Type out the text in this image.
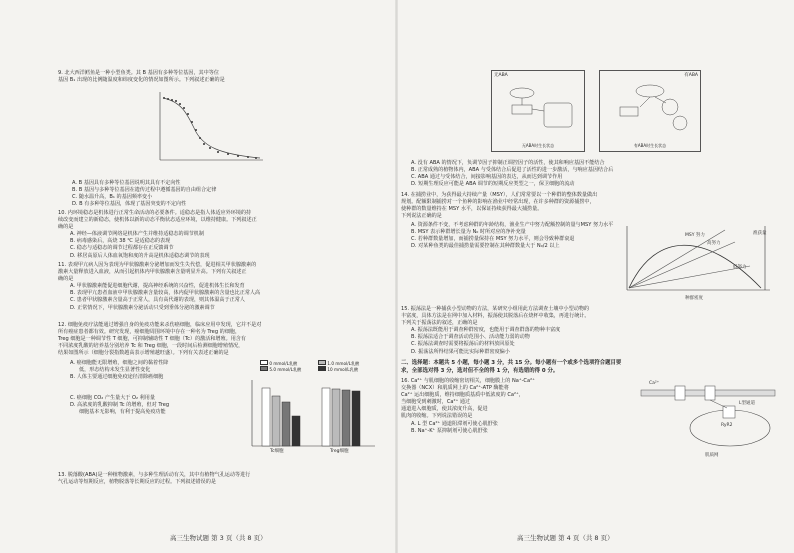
9. 北大西洋鳕鱼是一种小型鱼类。其 B 基因有多种等位基因，其中等位

基因 B₁ 出现的比例随温度和纬度变化的情况如图所示。下列叙述正确的是

A. B 基因具有多种等位基因说明其具有不定向性

B. B 基因与多种等位基因在遗传过程中遵循基因的自由组合定律

C. 随水温升高，B₁ 的基因频率变小

D. B 有多种等位基因，体现了基因突变的不定向性

10. 内环境稳态是机体进行正常生命活动的必要条件。适稳态是指人体适应外环境的持

续改变而建立的新稳态，使机体以新的动态平衡状态适应环境，以维持健康。下列叙述正

确的是

A. 神经—体液调节网络是机体产生并维持适稳态的调节机制

B. 病毒感染后，高烧 38 ℃ 是适稳态的表现

C. 稳态与适稳态的调节过程都存在正反馈调节

D. 移居高原后人体血氧饱和度的升高是机体适稳态调节的表现

11. 表观甲亢病人因为表现为甲状腺激素分泌增加而发生失代偿，促进相关甲状腺激素的

激素大量释放进入血液，从而引起机体内甲状腺激素含量明显升高。下列有关叙述正

确的是

A. 甲状腺激素能促进细胞代谢，提高神经系统的兴奋性，促进机体生长和发育

B. 表现甲亢患者血液中甲状腺激素含量较高，体内促甲状腺激素的含量也比正常人高

C. 患者甲状腺激素含量高于正常人，具有高代谢的表现，则其体温高于正常人

D. 正常情况下，甲状腺激素分泌活动只受到垂体分泌的激素调节

12. 细胞免疫疗法能通过增强自身的免疫功能来杀伤癌细胞，临床应用中发现，它并不是对

所有癌症患者都有效。研究发现，癌细胞周围环境中存在一种名为 Treg 的细胞，

Treg 细胞是一种调节性 T 细胞，可抑制辅助性 T 细胞（Tc）的激活和增殖。用含有

不同浓度乳酸的培养基分别培养 Tc 和 Treg 细胞，一段时间后检测细胞增殖情况，

结果如图所示（细胞分裂指数越高表示增殖越旺盛）。下列有关表述正确的是

A. 癌细胞能无限增殖，细胞之间的黏着性降

低，形态结构未发生显著性变化

B. 人体主要通过细胞免疫途径清除癌细胞

C. 癌细胞 CO₂ 产生量大于 O₂ 利用量

D. 高浓度的乳酸抑制 Tc 的增殖，但对 Treg

细胞基本无影响，有利于提高免疫功能

0 mmol/L乳酸	1.0 mmol/L乳酸
5.0 mmol/L乳酸	10 mmol/L乳酸
Tc细胞	Treg细胞

13. 脱落酸(ABA)是一种植物激素，与多种生理活动有关，其中有植物气孔运动等进行

气孔运动等短期反应，植物脱落等长期反应的过程。下列叙述错误的是

高三生物试题 第 3 页（共 8 页）
无ABA
无ABA时生长状态
有ABA
有ABA时生长状态

A. 没有 ABA 的情况下，负调节因子抑制正调控因子的活性，使其和响应基因不能结合

B. 正常成熟的植物体内，ABA 与受体结合后促进了活性的进一步激活，与响应基因结合后

C. ABA 通过与受体结合，间接影响基因的表达，从而达到调节作用

D. 短期生理反应可能是 ABA 调节的短期反应类型之一，保卫细胞的流动

14. 在捕捞业中，为获得最大持续产量（MSY），人们常常要以一个种群的整体数量做出

规划。配额限制捕捞对一个鱼种的影响在渔业中经常出现，在许多种群的资源捕捞中，

使种群的数量维持在 MSY 水平，以保证持续获得最大捕捞量。

下列说法正确的是

A. 资源条件不变，不考虑种群的年龄结构，渔业生产中努力配额控制的量与MSY 努力水平

B. MSY 表示种群增长量为 N₀ 时所对应的净补充量

C. 若种群数量增加，而捕捞量保持在 MSY 努力水平，则会导致种群衰退

D. 对某种鱼类的最佳捕捞量需要控制在其种群数量大于 N₀/2 以上

渔获量
MSY 努力
低努力
高努力
种群密度

15. 振荡法是一种捕获小型动物的方法，某研究小组用此方法调查土壤中小型动物的

丰富度，具体方法是在网中加入材料，振荡使其脱落后在烧杯中收集，再进行统计。

下列关于振荡法的叙述，正确的是

A. 振荡法既能用于调查种群密度，也能用于调查群落的物种丰富度

B. 振荡法适合于调查活动范围小、活动能力弱的动物

C. 振荡法调查时需要将振荡后的材料放回原处

D. 振荡法所得结果可能比实际种群密度偏小

二、选择题：本题共 5 小题，每小题 3 分，共 15 分。每小题有一个或多个选项符合题目要

求，全部选对得 3 分，选对但不全的得 1 分，有选错的得 0 分。

16. Ca²⁺ 与肌细胞的收缩密切相关，细胞膜上的 Na⁺-Ca²⁺

交换器（NCX）和肌质网上的 Ca²⁺-ATP 酶能将

Ca²⁺ 运出细胞质，维持细胞质基质中低浓度的 Ca²⁺，

当细胞受到刺激时，Ca²⁺ 通过

通道进入细胞质，使其浓度升高，促进

肌肉的收缩。下列说法错误的是

A. L 型 Ca²⁺ 通道阻滞剂可使心肌舒张

B. Na⁺-K⁺ 泵抑制剂可使心肌舒张

Ca²⁺
L型通道
RyR2
肌质网
高三生物试题 第 4 页（共 8 页）
